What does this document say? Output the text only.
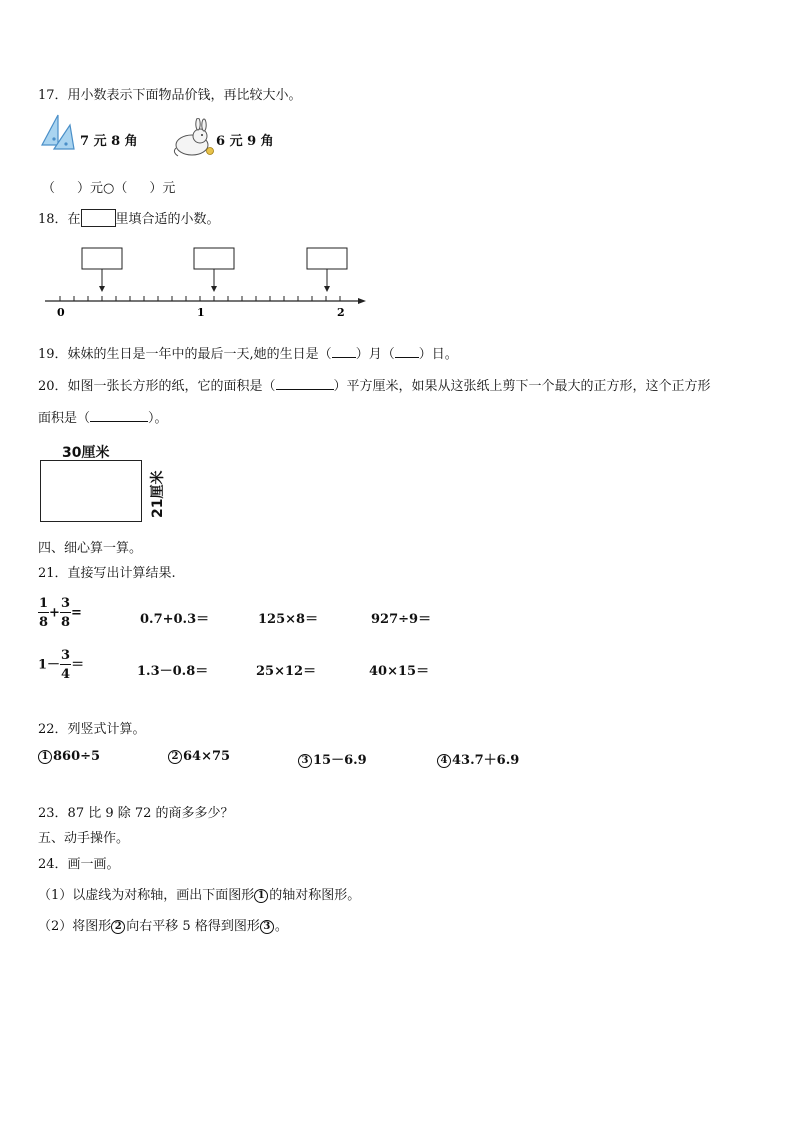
17．用小数表示下面物品价钱，再比较大小。
7 元 8 角	6 元 9 角
（ ）元○（ ）元
18．在	里填合适的小数。
0	1	2
19．妹妹的生日是一年中的最后一天,她的生日是（ ）月（ ）日。
20．如图一张长方形的纸，它的面积是（	）平方厘米，如果从这张纸上剪下一个最大的正方形，这个正方形
面积是（	）。
30厘米
21厘米
四、细心算一算。
21．直接写出计算结果.
$\frac{1}{8} + \frac{3}{8}$ =	0.7+0.3＝	125×8＝	927÷9＝
$1- \frac{3}{4}$ ＝	1.3－0.8＝	25×12＝	40×15＝
22．列竖式计算。
1 860÷5	2 64×75	3 15－6.9	4 43.7＋6.9
23．87 比 9 除 72 的商多多少？
五、动手操作。
24．画一画。
（1）以虚线为对称轴，画出下面图形 1 的轴对称图形。
（2）将图形 2 向右平移 5 格得到图形 3 。
